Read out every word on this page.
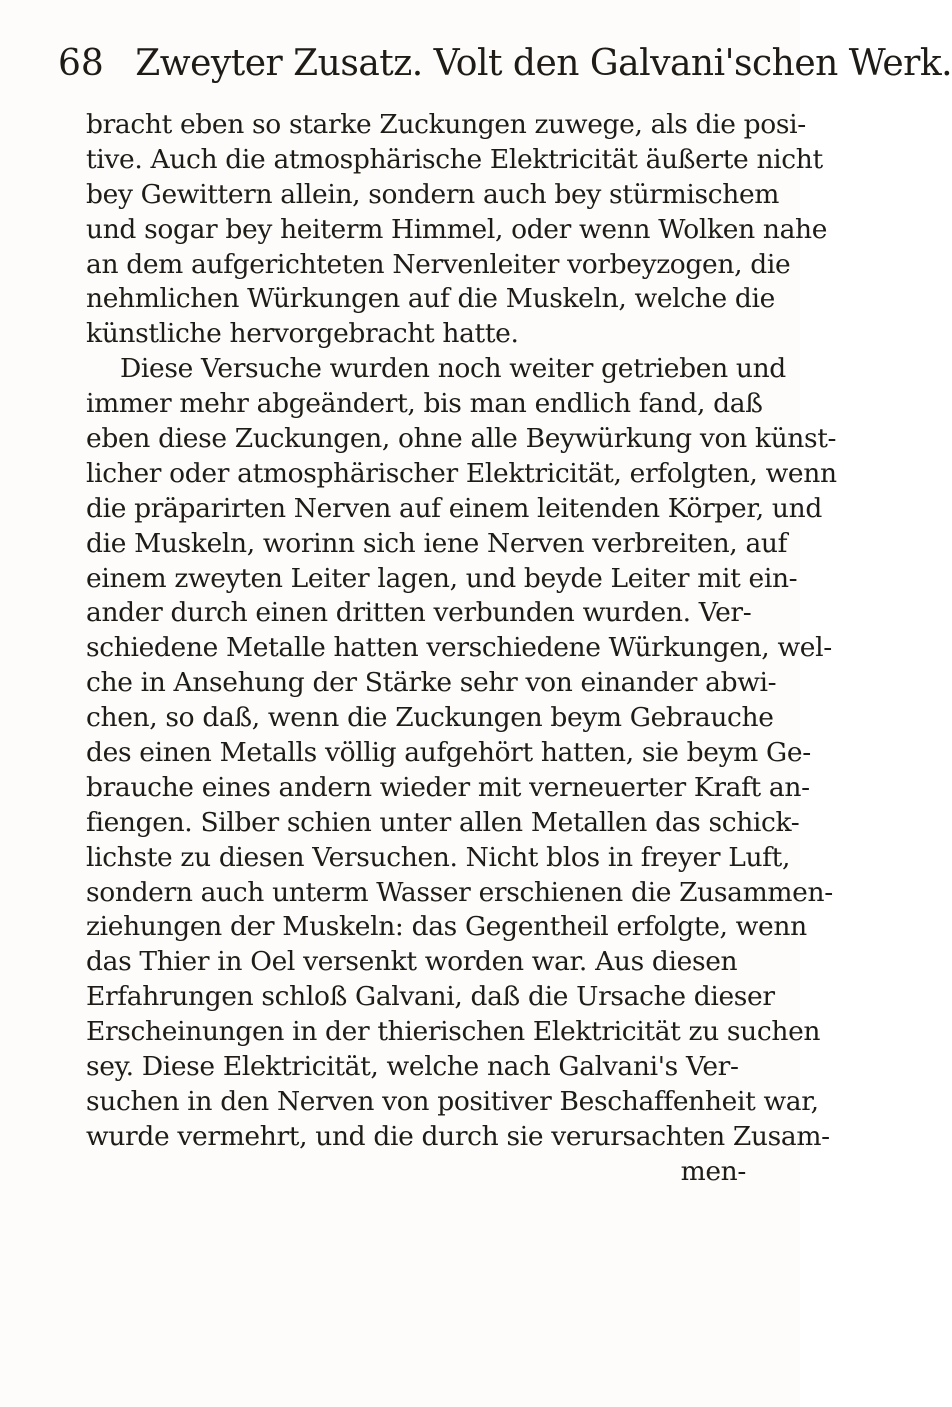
68 Zweyter Zusatz. Volt den Galvani'schen Werk.
bracht eben so starke Zuckungen zuwege, als die posi-
tive. Auch die atmosphärische Elektricität äußerte nicht
bey Gewittern allein, sondern auch bey stürmischem
und sogar bey heiterm Himmel, oder wenn Wolken nahe
an dem aufgerichteten Nervenleiter vorbeyzogen, die
nehmlichen Würkungen auf die Muskeln, welche die
künstliche hervorgebracht hatte.
Diese Versuche wurden noch weiter getrieben und
immer mehr abgeändert, bis man endlich fand, daß
eben diese Zuckungen, ohne alle Beywürkung von künst-
licher oder atmosphärischer Elektricität, erfolgten, wenn
die präparirten Nerven auf einem leitenden Körper, und
die Muskeln, worinn sich iene Nerven verbreiten, auf
einem zweyten Leiter lagen, und beyde Leiter mit ein-
ander durch einen dritten verbunden wurden. Ver-
schiedene Metalle hatten verschiedene Würkungen, wel-
che in Ansehung der Stärke sehr von einander abwi-
chen, so daß, wenn die Zuckungen beym Gebrauche
des einen Metalls völlig aufgehört hatten, sie beym Ge-
brauche eines andern wieder mit verneuerter Kraft an-
fiengen. Silber schien unter allen Metallen das schick-
lichste zu diesen Versuchen. Nicht blos in freyer Luft,
sondern auch unterm Wasser erschienen die Zusammen-
ziehungen der Muskeln: das Gegentheil erfolgte, wenn
das Thier in Oel versenkt worden war. Aus diesen
Erfahrungen schloß Galvani, daß die Ursache dieser
Erscheinungen in der thierischen Elektricität zu suchen
sey. Diese Elektricität, welche nach Galvani's Ver-
suchen in den Nerven von positiver Beschaffenheit war,
wurde vermehrt, und die durch sie verursachten Zusam-
men-
